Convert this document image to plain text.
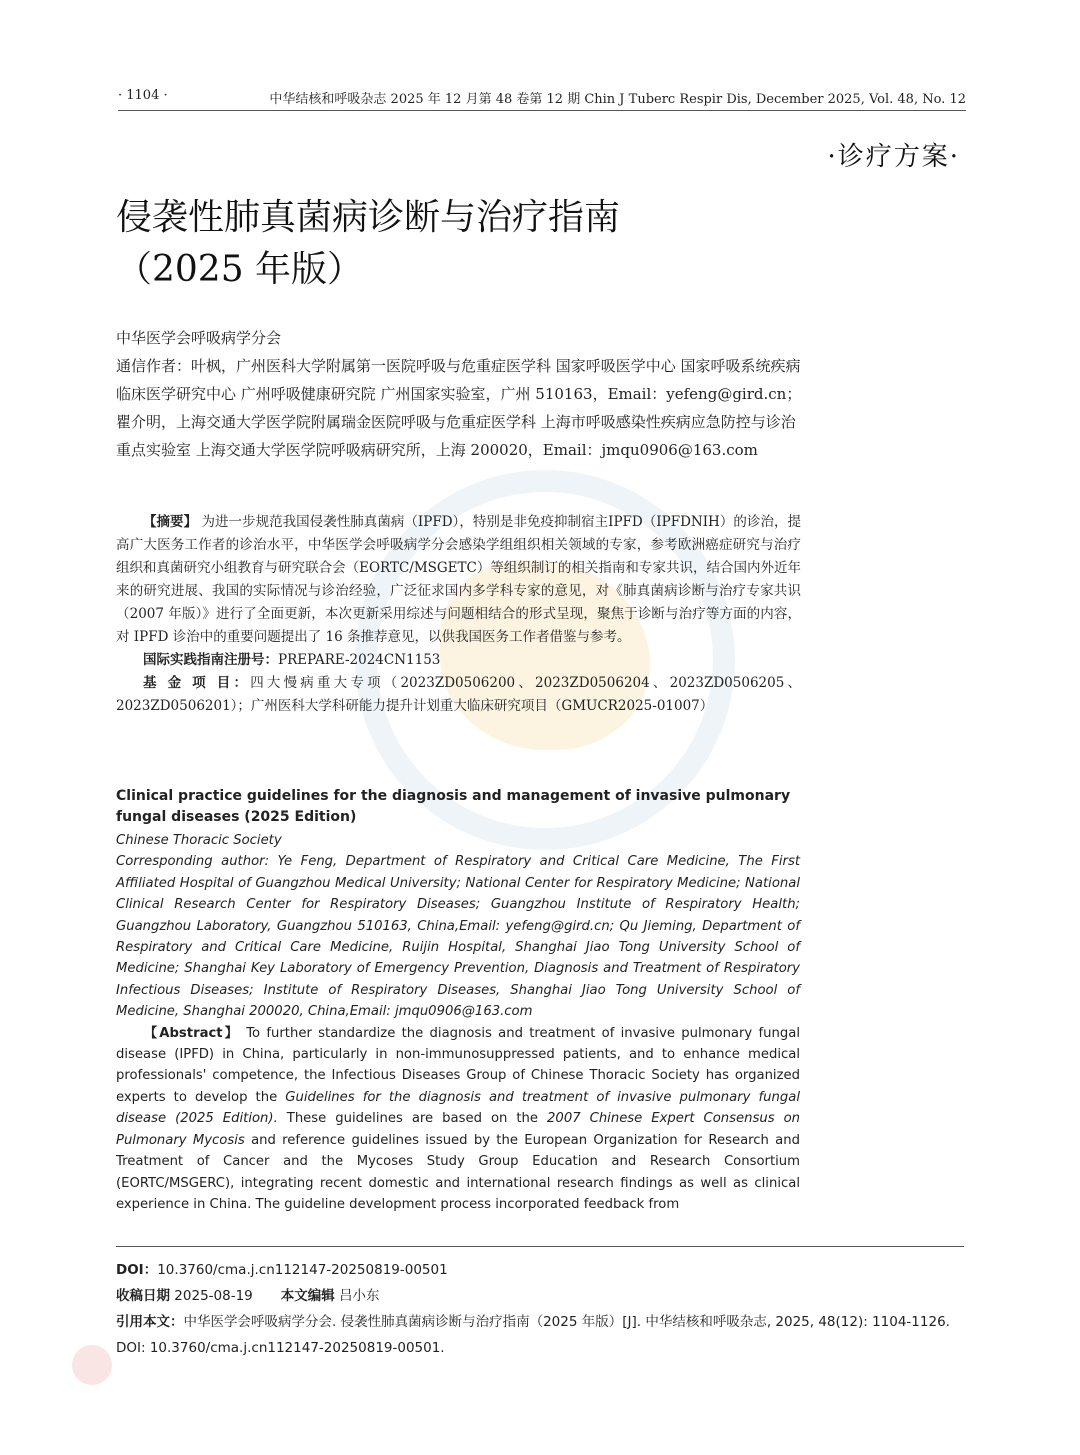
· 1104 ·	中华结核和呼吸杂志 2025 年 12 月第 48 卷第 12 期 Chin J Tuberc Respir Dis, December 2025, Vol. 48, No. 12
·诊疗方案·
侵袭性肺真菌病诊断与治疗指南
（2025 年版）
中华医学会呼吸病学分会
通信作者：叶枫，广州医科大学附属第一医院呼吸与危重症医学科 国家呼吸医学中心 国家呼吸系统疾病临床医学研究中心 广州呼吸健康研究院 广州国家实验室，广州 510163，Email：yefeng@gird.cn；瞿介明，上海交通大学医学院附属瑞金医院呼吸与危重症医学科 上海市呼吸感染性疾病应急防控与诊治重点实验室 上海交通大学医学院呼吸病研究所，上海 200020，Email：jmqu0906@163.com

【摘要】 为进一步规范我国侵袭性肺真菌病（IPFD），特别是非免疫抑制宿主IPFD（IPFDNIH）的诊治，提高广大医务工作者的诊治水平，中华医学会呼吸病学分会感染学组组织相关领域的专家，参考欧洲癌症研究与治疗组织和真菌研究小组教育与研究联合会（EORTC/MSGETC）等组织制订的相关指南和专家共识，结合国内外近年来的研究进展、我国的实际情况与诊治经验，广泛征求国内多学科专家的意见，对《肺真菌病诊断与治疗专家共识（2007 年版）》进行了全面更新，本次更新采用综述与问题相结合的形式呈现，聚焦于诊断与治疗等方面的内容，对 IPFD 诊治中的重要问题提出了 16 条推荐意见，以供我国医务工作者借鉴与参考。

国际实践指南注册号：PREPARE-2024CN1153

基 金 项 目：四大慢病重大专项（2023ZD0506200、2023ZD0506204、2023ZD0506205、2023ZD0506201）；广州医科大学科研能力提升计划重大临床研究项目（GMUCR2025-01007）

Clinical practice guidelines for the diagnosis and management of invasive pulmonary fungal diseases (2025 Edition)

Chinese Thoracic Society
Corresponding author: Ye Feng, Department of Respiratory and Critical Care Medicine, The First Affiliated Hospital of Guangzhou Medical University; National Center for Respiratory Medicine; National Clinical Research Center for Respiratory Diseases; Guangzhou Institute of Respiratory Health; Guangzhou Laboratory, Guangzhou 510163, China,Email: yefeng@gird.cn; Qu Jieming, Department of Respiratory and Critical Care Medicine, Ruijin Hospital, Shanghai Jiao Tong University School of Medicine; Shanghai Key Laboratory of Emergency Prevention, Diagnosis and Treatment of Respiratory Infectious Diseases; Institute of Respiratory Diseases, Shanghai Jiao Tong University School of Medicine, Shanghai 200020, China,Email: jmqu0906@163.com

【Abstract】 To further standardize the diagnosis and treatment of invasive pulmonary fungal disease (IPFD) in China, particularly in non-immunosuppressed patients, and to enhance medical professionals' competence, the Infectious Diseases Group of Chinese Thoracic Society has organized experts to develop the Guidelines for the diagnosis and treatment of invasive pulmonary fungal disease (2025 Edition). These guidelines are based on the 2007 Chinese Expert Consensus on Pulmonary Mycosis and reference guidelines issued by the European Organization for Research and Treatment of Cancer and the Mycoses Study Group Education and Research Consortium (EORTC/MSGERC), integrating recent domestic and international research findings as well as clinical experience in China. The guideline development process incorporated feedback from

DOI：10.3760/cma.j.cn112147-20250819-00501
收稿日期 2025-08-19 本文编辑 吕小东
引用本文：中华医学会呼吸病学分会. 侵袭性肺真菌病诊断与治疗指南（2025 年版）[J]. 中华结核和呼吸杂志, 2025, 48(12): 1104-1126. DOI: 10.3760/cma.j.cn112147-20250819-00501.
